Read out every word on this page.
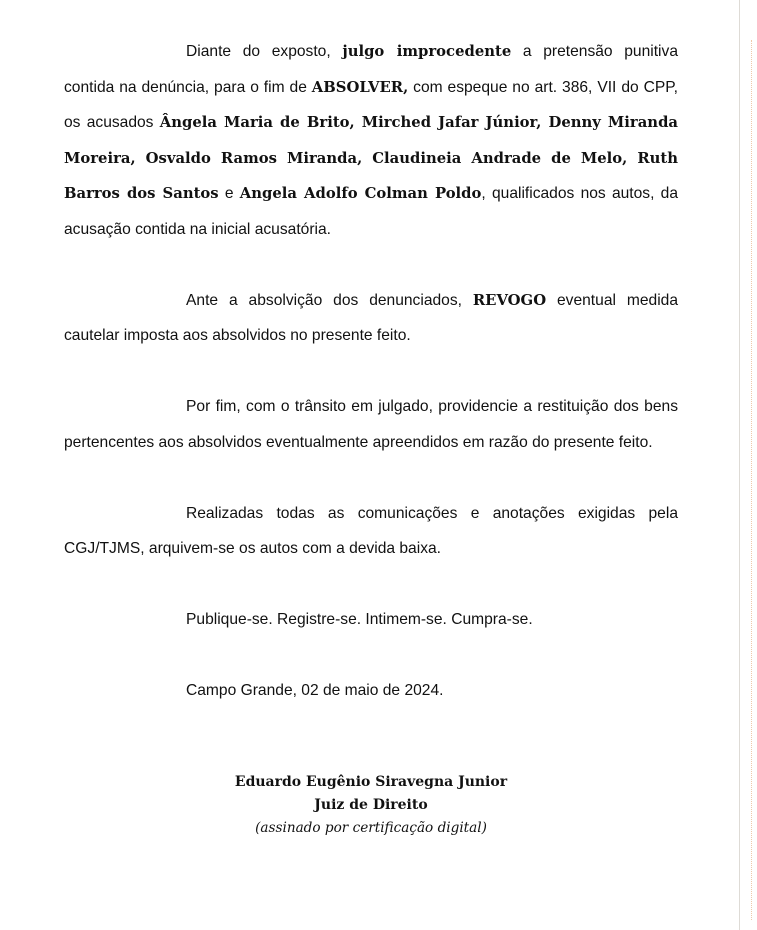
Diante do exposto, julgo improcedente a pretensão punitiva contida na denúncia, para o fim de ABSOLVER, com espeque no art. 386, VII do CPP, os acusados Ângela Maria de Brito, Mirched Jafar Júnior, Denny Miranda Moreira, Osvaldo Ramos Miranda, Claudineia Andrade de Melo, Ruth Barros dos Santos e Angela Adolfo Colman Poldo, qualificados nos autos, da acusação contida na inicial acusatória.

Ante a absolvição dos denunciados, REVOGO eventual medida cautelar imposta aos absolvidos no presente feito.

Por fim, com o trânsito em julgado, providencie a restituição dos bens pertencentes aos absolvidos eventualmente apreendidos em razão do presente feito.

Realizadas todas as comunicações e anotações exigidas pela CGJ/TJMS, arquivem-se os autos com a devida baixa.

Publique-se. Registre-se. Intimem-se. Cumpra-se.

Campo Grande, 02 de maio de 2024.

Eduardo Eugênio Siravegna Junior
Juiz de Direito
(assinado por certificação digital)
